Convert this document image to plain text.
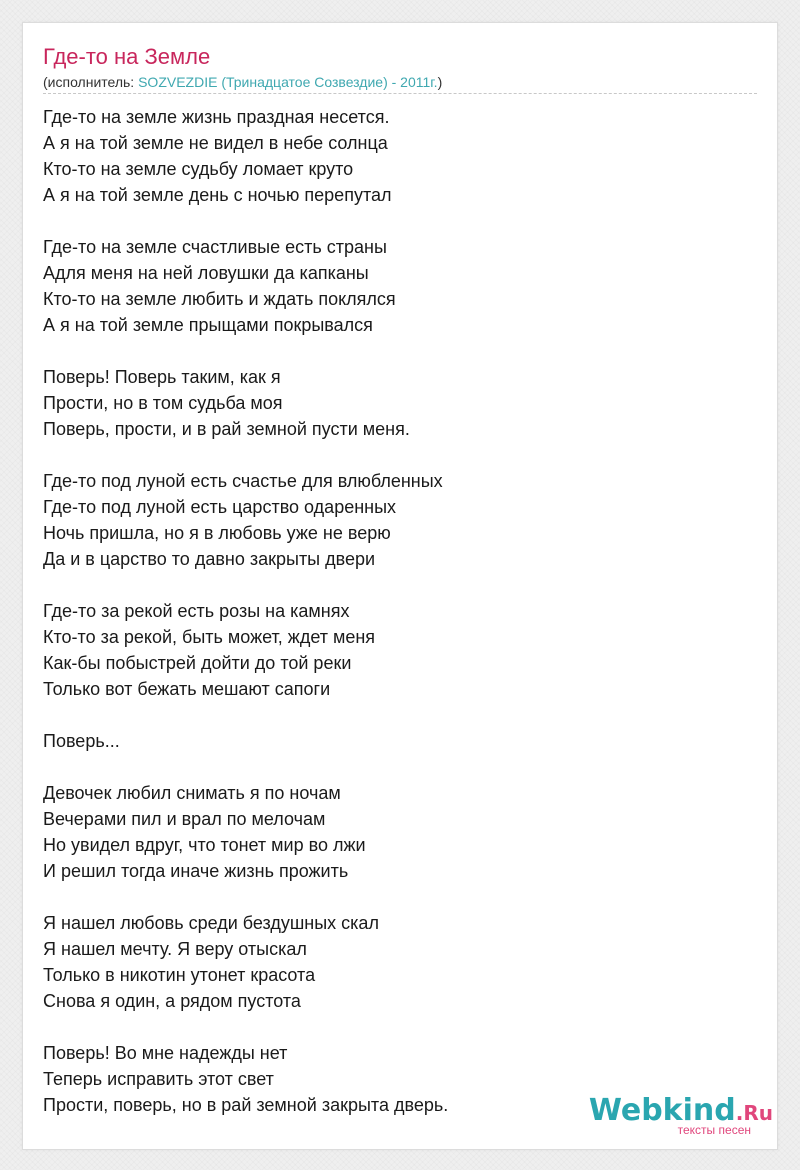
Где-то на Земле
(исполнитель: SOZVEZDIE (Тринадцатое Созвездие) - 2011г.)
Где-то на земле жизнь праздная несется.
А я на той земле не видел в небе солнца
Кто-то на земле судьбу ломает круто
А я на той земле день с ночью перепутал
Где-то на земле счастливые есть страны
Адля меня на ней ловушки да капканы
Кто-то на земле любить и ждать поклялся
А я на той земле прыщами покрывался
Поверь! Поверь таким, как я
Прости, но в том судьба моя
Поверь, прости, и в рай земной пусти меня.
Где-то под луной есть счастье для влюбленных
Где-то под луной есть царство одаренных
Ночь пришла, но я в любовь уже не верю
Да и в царство то давно закрыты двери
Где-то за рекой есть розы на камнях
Кто-то за рекой, быть может, ждет меня
Как-бы побыстрей дойти до той реки
Только вот бежать мешают сапоги
Поверь...
Девочек любил снимать я по ночам
Вечерами пил и врал по мелочам
Но увидел вдруг, что тонет мир во лжи
И решил тогда иначе жизнь прожить
Я нашел любовь среди бездушных скал
Я нашел мечту. Я веру отыскал
Только в никотин утонет красота
Снова я один, а рядом пустота
Поверь! Во мне надежды нет
Теперь исправить этот свет
Прости, поверь, но в рай земной закрыта дверь.	Webkind.Ru
тексты песен
